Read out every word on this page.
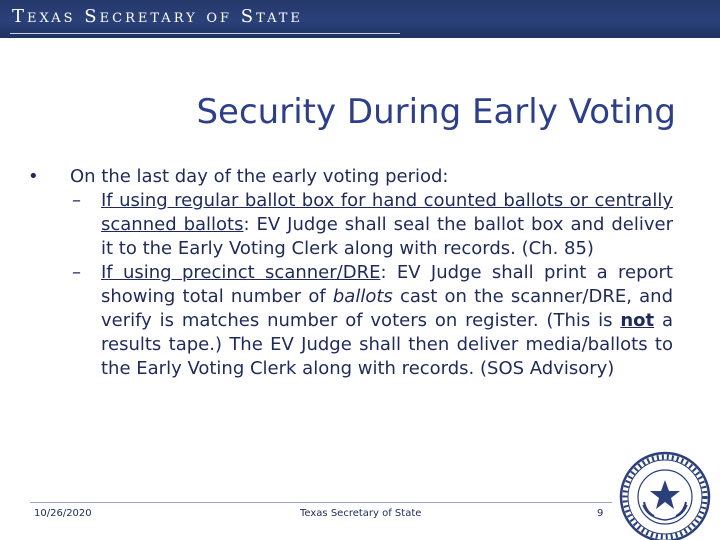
Texas Secretary of State
Security During Early Voting
• On the last day of the early voting period:
– If using regular ballot box for hand counted ballots or centrally scanned ballots: EV Judge shall seal the ballot box and deliver it to the Early Voting Clerk along with records. (Ch. 85)
– If using precinct scanner/DRE: EV Judge shall print a report showing total number of ballots cast on the scanner/DRE, and verify is matches number of voters on register. (This is not a results tape.) The EV Judge shall then deliver media/ballots to the Early Voting Clerk along with records. (SOS Advisory)
10/26/2020	Texas Secretary of State	9
